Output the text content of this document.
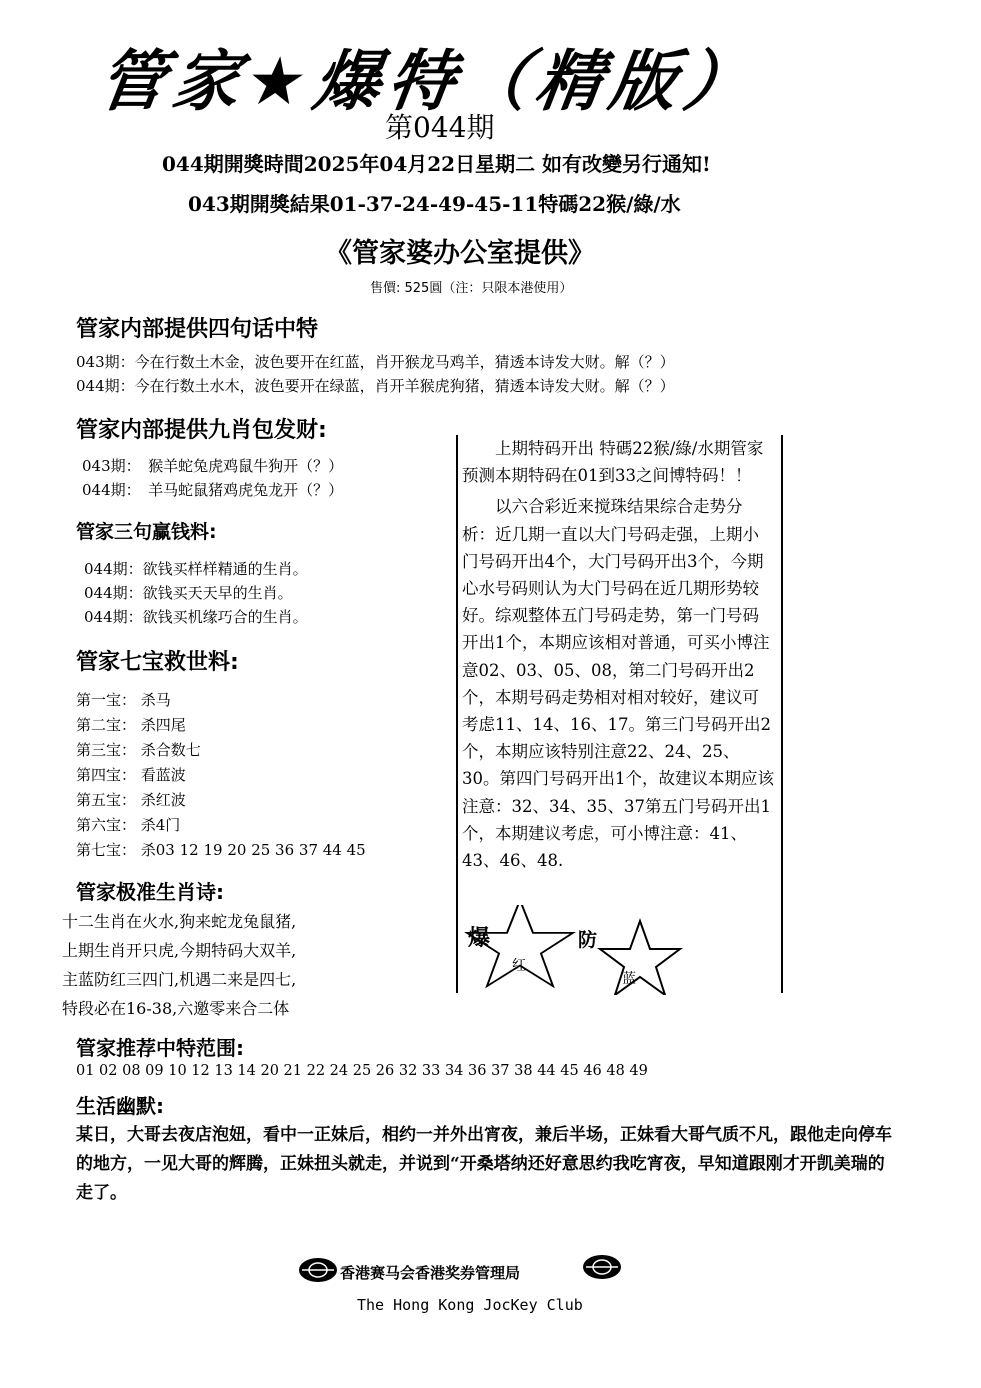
管家★爆特（精版）
第044期
044期開獎時間2025年04月22日星期二 如有改變另行通知!
043期開獎結果01-37-24-49-45-11特碼22猴/綠/水
《管家婆办公室提供》
售價: 525圓（注：只限本港使用）
管家内部提供四句话中特
043期：今在行数土木金，波色要开在红蓝，肖开猴龙马鸡羊，猜透本诗发大财。解（？）
044期：今在行数土水木，波色要开在绿蓝，肖开羊猴虎狗猪，猜透本诗发大财。解（？）
管家内部提供九肖包发财:
043期：　猴羊蛇兔虎鸡鼠牛狗开（？）
044期：　羊马蛇鼠猪鸡虎兔龙开（？）
管家三句赢钱料:
044期：欲钱买样样精通的生肖。
044期：欲钱买天天早的生肖。
044期：欲钱买机缘巧合的生肖。
管家七宝救世料:
第一宝： 杀马
第二宝： 杀四尾
第三宝： 杀合数七
第四宝： 看蓝波
第五宝： 杀红波
第六宝： 杀4门
第七宝： 杀03 12 19 20 25 36 37 44 45
管家极准生肖诗:
十二生肖在火水,狗来蛇龙兔鼠猪,
上期生肖开只虎,今期特码大双羊,
主蓝防红三四门,机遇二来是四七,
特段必在16-38,六邀零来合二体
管家推荐中特范围:
01 02 08 09 10 12 13 14 20 21 22 24 25 26 32 33 34 36 37 38 44 45 46 48 49

上期特码开出 特碼22猴/綠/水期管家预测本期特码在01到33之间博特码！！

以六合彩近来搅珠结果综合走势分析：近几期一直以大门号码走强，上期小门号码开出4个，大门号码开出3个，今期心水号码则认为大门号码在近几期形势较好。综观整体五门号码走势，第一门号码开出1个，本期应该相对普通，可买小博注意02、03、05、08，第二门号码开出2个，本期号码走势相对相对较好，建议可考虑11、14、16、17。第三门号码开出2个，本期应该特别注意22、24、25、30。第四门号码开出1个，故建议本期应该注意：32、34、35、37第五门号码开出1个，本期建议考虑，可小博注意：41、43、46、48.

爆
红
防
蓝
生活幽默:
某日，大哥去夜店泡妞，看中一正妹后，相约一并外出宵夜，兼后半场，正妹看大哥气质不凡，跟他走向停车的地方，一见大哥的辉腾，正妹扭头就走，并说到“开桑塔纳还好意思约我吃宵夜，早知道跟刚才开凯美瑞的走了。
香港赛马会香港奖券管理局
The Hong Kong JocKey Club
